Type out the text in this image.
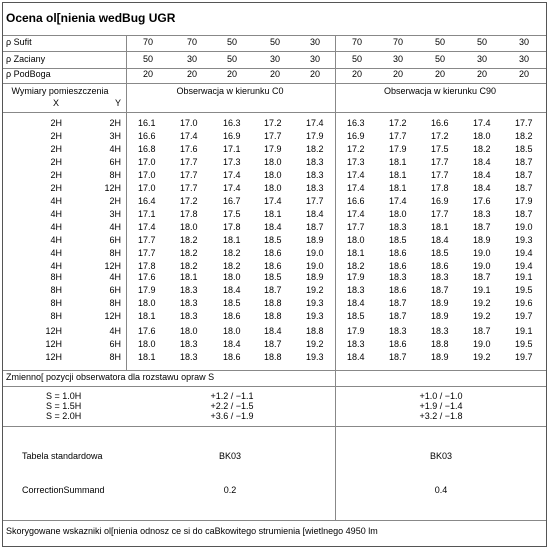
Ocena ol[nienia wedBug UGR
ρ Sufit	70	70	50	50	30	70	70	50	50	30
ρ Zaciany	50	30	50	30	30	50	30	50	30	30
ρ PodBoga	20	20	20	20	20	20	20	20	20	20
Wymiary pomieszczenia
X	Y
Obserwacja w kierunku C0	Obserwacja w kierunku C90
2H	2H 16.1	17.0	16.3	17.2	17.4	16.3	17.2	16.6	17.4	17.7
2H	3H 16.6	17.4	16.9	17.7	17.9	16.9	17.7	17.2	18.0	18.2
2H	4H 16.8	17.6	17.1	17.9	18.2	17.2	17.9	17.5	18.2	18.5
2H	6H 17.0	17.7	17.3	18.0	18.3	17.3	18.1	17.7	18.4	18.7
2H	8H 17.0	17.7	17.4	18.0	18.3	17.4	18.1	17.7	18.4	18.7
2H	12H 17.0	17.7	17.4	18.0	18.3	17.4	18.1	17.8	18.4	18.7
4H	2H 16.4	17.2	16.7	17.4	17.7	16.6	17.4	16.9	17.6	17.9
4H	3H 17.1	17.8	17.5	18.1	18.4	17.4	18.0	17.7	18.3	18.7
4H	4H 17.4	18.0	17.8	18.4	18.7	17.7	18.3	18.1	18.7	19.0
4H	6H 17.7	18.2	18.1	18.5	18.9	18.0	18.5	18.4	18.9	19.3
4H	8H 17.7	18.2	18.2	18.6	19.0	18.1	18.6	18.5	19.0	19.4
4H	12H 17.8	18.2	18.2	18.6	19.0	18.2	18.6	18.6	19.0	19.4
8H	4H 17.6	18.1	18.0	18.5	18.9	17.9	18.3	18.3	18.7	19.1
8H	6H 17.9	18.3	18.4	18.7	19.2	18.3	18.6	18.7	19.1	19.5
8H	8H 18.0	18.3	18.5	18.8	19.3	18.4	18.7	18.9	19.2	19.6
8H	12H 18.1	18.3	18.6	18.8	19.3	18.5	18.7	18.9	19.2	19.7
12H	4H 17.6	18.0	18.0	18.4	18.8	17.9	18.3	18.3	18.7	19.1
12H	6H 18.0	18.3	18.4	18.7	19.2	18.3	18.6	18.8	19.0	19.5
12H	8H 18.1	18.3	18.6	18.8	19.3	18.4	18.7	18.9	19.2	19.7
Zmienno[ pozycji obserwatora dla rozstawu opraw S
S = 1.0H	+1.2 / −1.1	+1.0 / −1.0
S = 1.5H	+2.2 / −1.5	+1.9 / −1.4
S = 2.0H	+3.6 / −1.9	+3.2 / −1.8
Tabela standardowa	BK03	BK03
CorrectionSummand	0.2	0.4
Skorygowane wskazniki ol[nienia odnosz ce si do caBkowitego strumienia [wietlnego 4950 lm
